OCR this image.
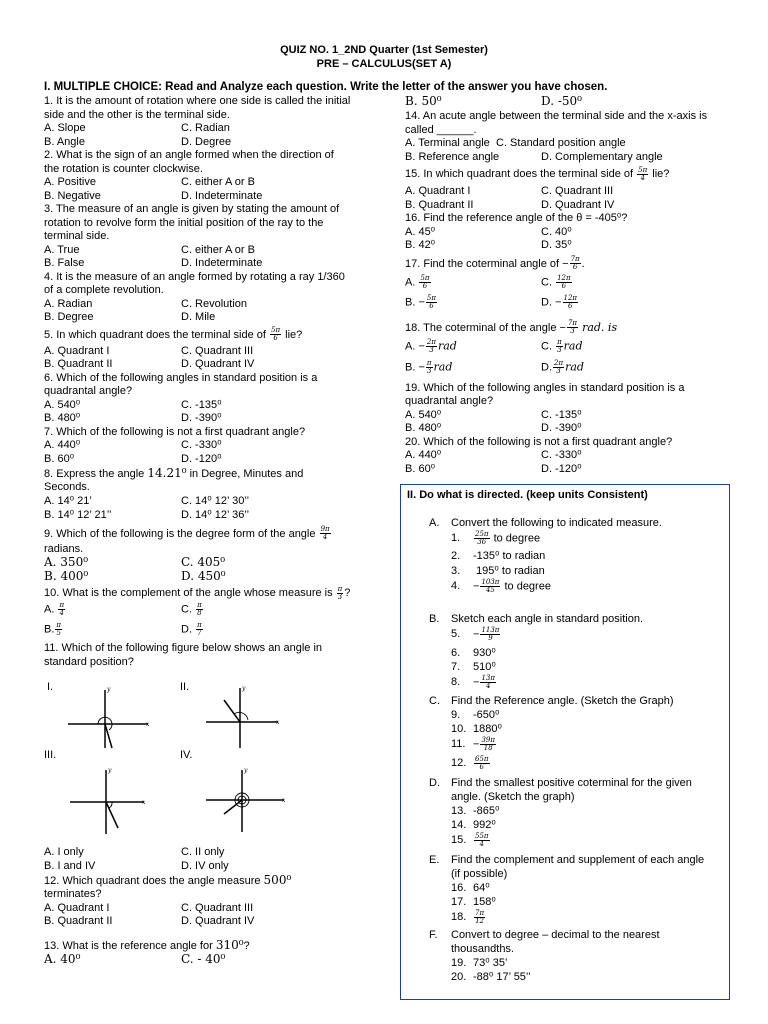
QUIZ NO. 1_2ND Quarter (1st Semester)
PRE – CALCULUS(SET A)
I. MULTIPLE CHOICE: Read and Analyze each question. Write the letter of the answer you have chosen.
1. It is the amount of rotation where one side is called the initial
side and the other is the terminal side.
A. Slope	C. Radian
B. Angle	D. Degree
2. What is the sign of an angle formed when the direction of
the rotation is counter clockwise.
A. Positive	C. either A or B
B. Negative	D. Indeterminate
3. The measure of an angle is given by stating the amount of
rotation to revolve form the initial position of the ray to the
terminal side.
A. True	C. either A or B
B. False	D. Indeterminate
4. It is the measure of an angle formed by rotating a ray 1/360
of a complete revolution.
A. Radian	C. Revolution
B. Degree	D. Mile
5. In which quadrant does the terminal side of $\frac{5\pi}{6}$ lie?
A. Quadrant I	C. Quadrant III
B. Quadrant II	D. Quadrant IV
6. Which of the following angles in standard position is a
quadrantal angle?
A. 540⁰	C. -135⁰
B. 480⁰	D. -390⁰
7. Which of the following is not a first quadrant angle?
A. 440⁰	C. -330⁰
B. 60⁰	D. -120⁰
8. Express the angle 14.21⁰ in Degree, Minutes and
Seconds.
A. 14⁰ 21’	C. 14⁰ 12’ 30’’
B. 14⁰ 12’ 21’’	D. 14⁰ 12’ 36’’
9. Which of the following is the degree form of the angle $\frac{9\pi}{4}$
radians.
A. 350⁰	C. 405⁰
B. 400⁰	D. 450⁰
10. What is the complement of the angle whose measure is $\frac{\pi}{3}$ ?
A. $\frac{\pi}{4}$	C. $\frac{\pi}{8}$
B. $\frac{\pi}{5}$	D. $\frac{\pi}{7}$
11. Which of the following figure below shows an angle in
standard position?
I.	II.
III.	IV.
x
y
x
y
x
y
x
y
A. I only	C. II only
B. I and IV	D. IV only
12. Which quadrant does the angle measure 500⁰
terminates?
A. Quadrant I	C. Quadrant III
B. Quadrant II	D. Quadrant IV
13. What is the reference angle for 310⁰?
A. 40⁰	C. - 40⁰
B. 50⁰	D. -50⁰
14. An acute angle between the terminal side and the x-axis is
called ______.
A. Terminal angle C. Standard position angle
B. Reference angle	D. Complementary angle
15. In which quadrant does the terminal side of $\frac{5\pi}{4}$ lie?
A. Quadrant I	C. Quadrant III
B. Quadrant II	D. Quadrant IV
16. Find the reference angle of the θ = -405⁰?
A. 45⁰	C. 40⁰
B. 42⁰	D. 35⁰
17. Find the coterminal angle of − $\frac{7\pi}{6}$ .
A. $\frac{5\pi}{6}$	C. $\frac{12\pi}{6}$
B. − $\frac{5\pi}{6}$	D. − $\frac{12\pi}{6}$
18. The coterminal of the angle − $\frac{7\pi}{3}$ rad. is
A. − $\frac{2\pi}{3}$ rad	C. $\frac{\pi}{3}$ rad
B. − $\frac{\pi}{3}$ rad	D. $\frac{2\pi}{3}$ rad
19. Which of the following angles in standard position is a
quadrantal angle?
A. 540⁰	C. -135⁰
B. 480⁰	D. -390⁰
20. Which of the following is not a first quadrant angle?
A. 440⁰	C. -330⁰
B. 60⁰	D. -120⁰
II. Do what is directed. (keep units Consistent)
A. Convert the following to indicated measure.
1. $\frac{25\pi}{36}$ to degree
2. -135⁰ to radian
3. 195⁰ to radian
4. − $\frac{103\pi}{45}$ to degree
B. Sketch each angle in standard position.
5. − $\frac{113\pi}{9}$
6. 930⁰
7. 510⁰
8. − $\frac{13\pi}{4}$
C. Find the Reference angle. (Sketch the Graph)
9. -650⁰
10. 1880⁰
11. − $\frac{39\pi}{18}$
12. $\frac{65\pi}{6}$
D. Find the smallest positive coterminal for the given
angle. (Sketch the graph)
13. -865⁰
14. 992⁰
15. $\frac{55\pi}{4}$
E. Find the complement and supplement of each angle
(if possible)
16. 64⁰
17. 158⁰
18. $\frac{7\pi}{12}$
F. Convert to degree – decimal to the nearest
thousandths.
19. 73⁰ 35’
20. -88⁰ 17’ 55’’
